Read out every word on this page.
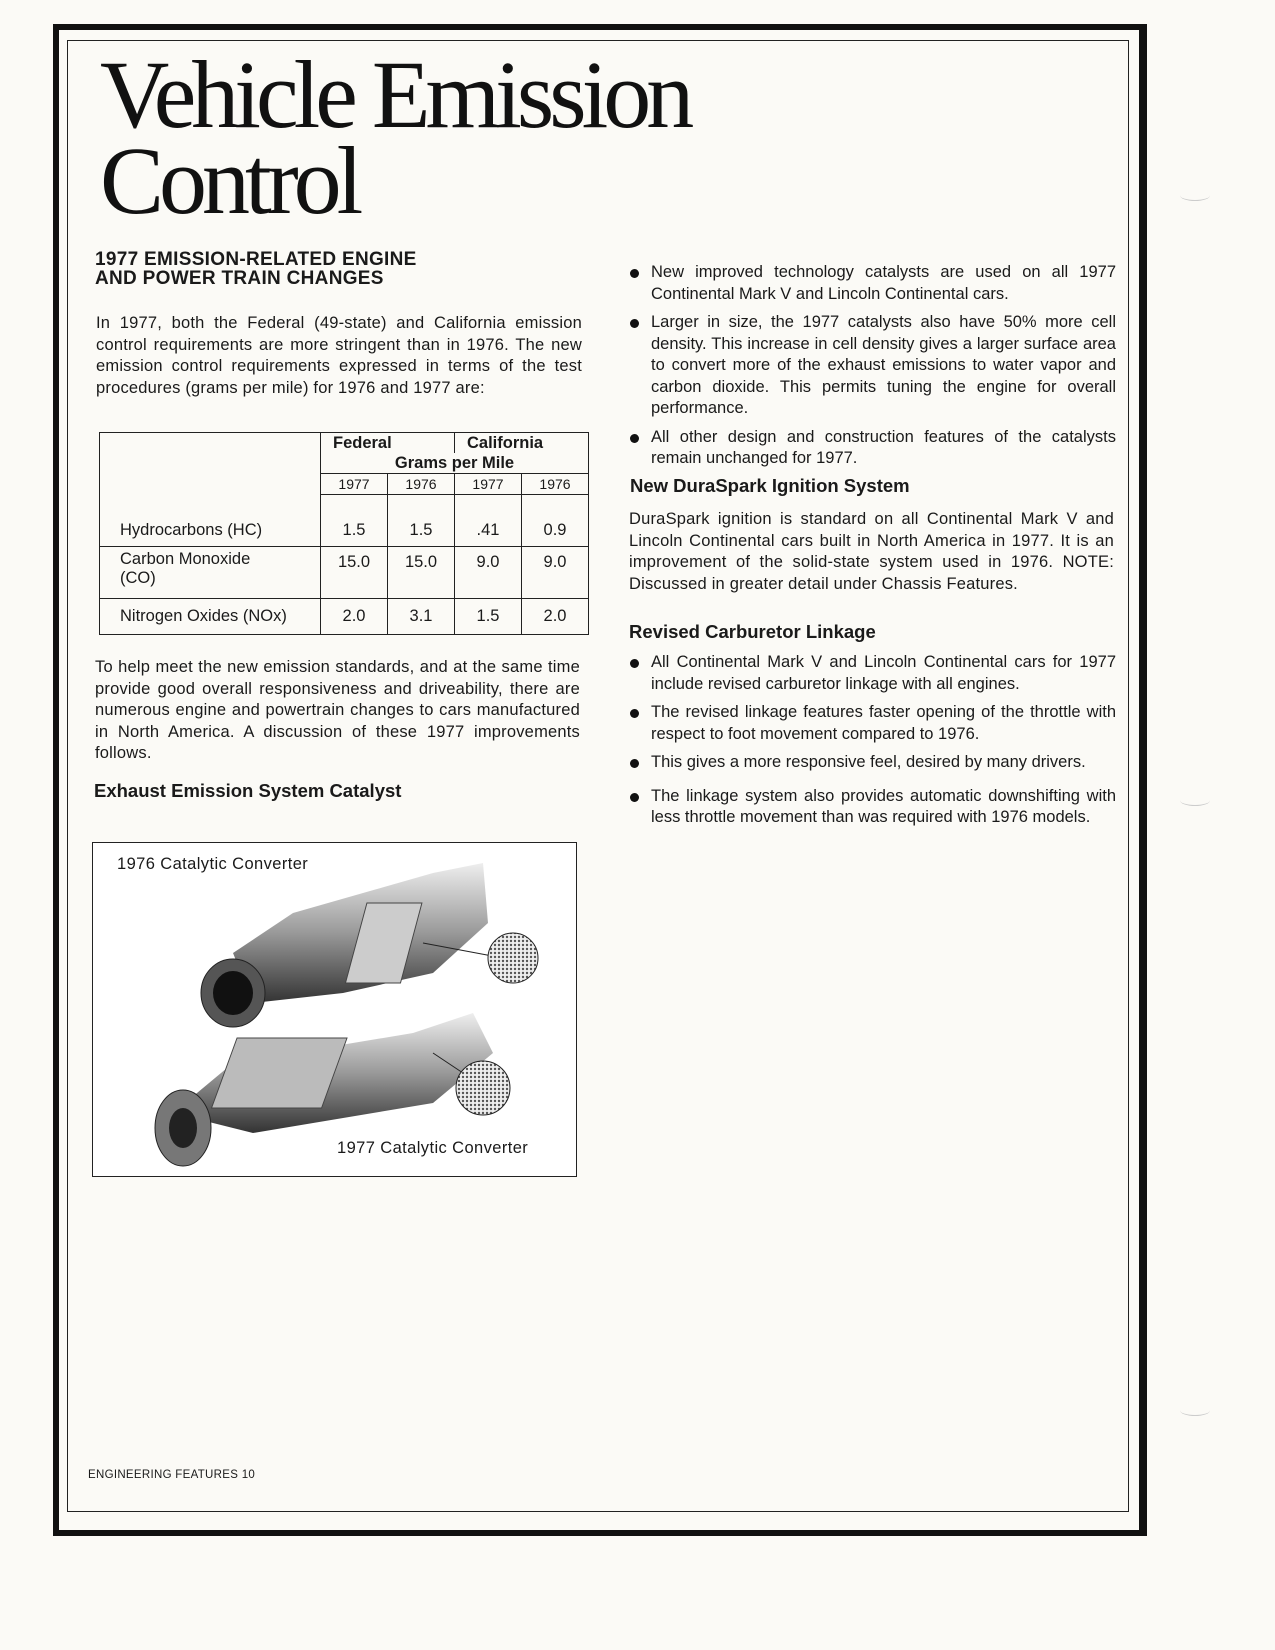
Vehicle Emission
Control
1977 EMISSION-RELATED ENGINE
AND POWER TRAIN CHANGES
In 1977, both the Federal (49-state) and California emission control requirements are more stringent than in 1976. The new emission control requirements expressed in terms of the test procedures (grams per mile) for 1976 and 1977 are:
	Federal		California	
	Grams per Mile			
	1977	1976	1977	1976
Hydrocarbons (HC)	1.5	1.5	.41	0.9
Carbon Monoxide (CO)	15.0	15.0	9.0	9.0
Nitrogen Oxides (NOx)	2.0	3.1	1.5	2.0
To help meet the new emission standards, and at the same time provide good overall responsiveness and driveability, there are numerous engine and powertrain changes to cars manufactured in North America. A discussion of these 1977 improvements follows.
Exhaust Emission System Catalyst
1976 Catalytic Converter
1977 Catalytic Converter
New improved technology catalysts are used on all 1977 Continental Mark V and Lincoln Continental cars.
Larger in size, the 1977 catalysts also have 50% more cell density. This increase in cell density gives a larger surface area to convert more of the exhaust emissions to water vapor and carbon dioxide. This permits tuning the engine for overall performance.
All other design and construction features of the catalysts remain unchanged for 1977.
New DuraSpark Ignition System
DuraSpark ignition is standard on all Continental Mark V and Lincoln Continental cars built in North America in 1977. It is an improvement of the solid-state system used in 1976. NOTE: Discussed in greater detail under Chassis Features.
Revised Carburetor Linkage
All Continental Mark V and Lincoln Continental cars for 1977 include revised carburetor linkage with all engines.
The revised linkage features faster opening of the throttle with respect to foot movement compared to 1976.
This gives a more responsive feel, desired by many drivers.
The linkage system also provides automatic downshifting with less throttle movement than was required with 1976 models.
ENGINEERING FEATURES 10
